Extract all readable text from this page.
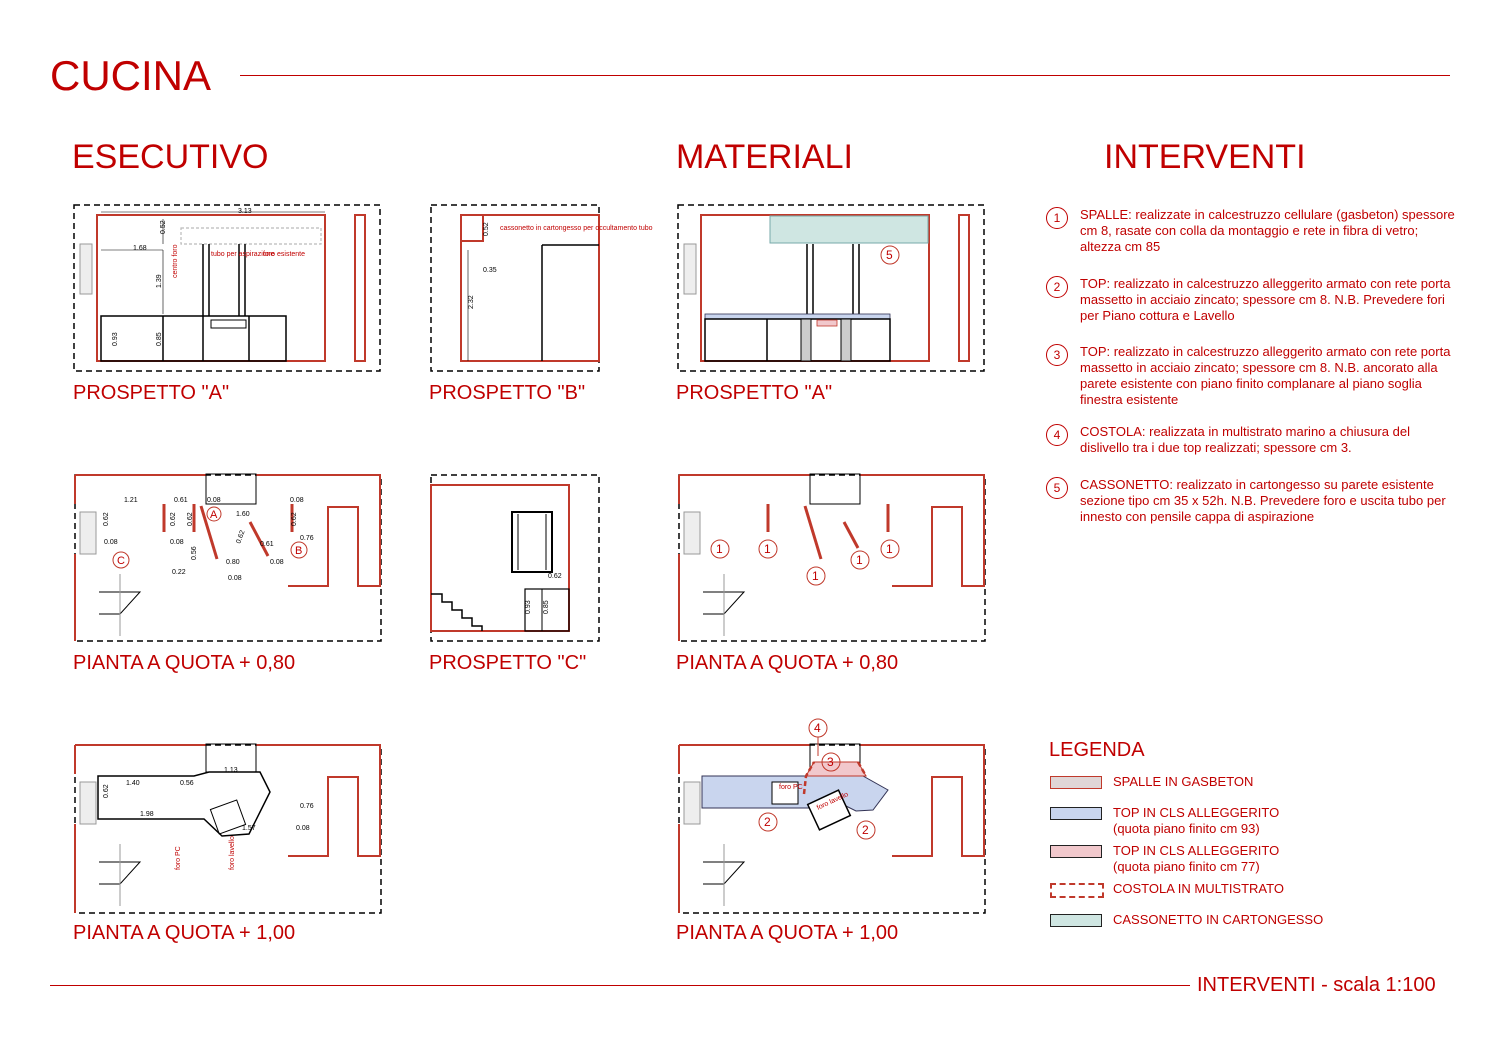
CUCINA
ESECUTIVO	MATERIALI	INTERVENTI
3.13
0.52
1.68
1.39
0.93	0.85
centro foro	tubo per aspirazione
foro esistente
PROSPETTO "A"
2.32
0.52
0.35
cassonetto in cartongesso per occultamento tubo
PROSPETTO "B"
1.21	0.61	0.08	0.08
0.62	0.62 0.62	0.62
0.08	0.08
1.60
0.76
0.56
0.80
0.61
0.22
0.08
0.08
0.62
A
B
C
PIANTA A QUOTA + 0,80
0.62
0.93 0.85
PROSPETTO "C"
1.40	0.56
1.13
0.62
1.98
0.76
1.57	0.08
foro PC	foro lavello
PIANTA A QUOTA + 1,00
5
PROSPETTO "A"
1	1
1
1
1
PIANTA A QUOTA + 0,80
foro PC
foro lavello
4
3
2
2
PIANTA A QUOTA + 1,00
1	SPALLE: realizzate in calcestruzzo cellulare (gasbeton) spessore cm 8, rasate con colla da montaggio e rete in fibra di vetro; altezza cm 85
2	TOP: realizzato in calcestruzzo alleggerito armato con rete porta massetto in acciaio zincato; spessore cm 8. N.B. Prevedere fori per Piano cottura e Lavello
3	TOP: realizzato in calcestruzzo alleggerito armato con rete porta massetto in acciaio zincato; spessore cm 8. N.B. ancorato alla parete esistente con piano finito complanare al piano soglia finestra esistente
4	COSTOLA: realizzata in multistrato marino a chiusura del dislivello tra i due top realizzati; spessore cm 3.
5	CASSONETTO: realizzato in cartongesso su parete esistente sezione tipo cm 35 x 52h. N.B. Prevedere foro e uscita tubo per innesto con pensile cappa di aspirazione
LEGENDA
SPALLE IN GASBETON
TOP IN CLS ALLEGGERITO
(quota piano finito cm 93)
TOP IN CLS ALLEGGERITO
(quota piano finito cm 77)
COSTOLA IN MULTISTRATO
CASSONETTO IN CARTONGESSO
INTERVENTI - scala 1:100
